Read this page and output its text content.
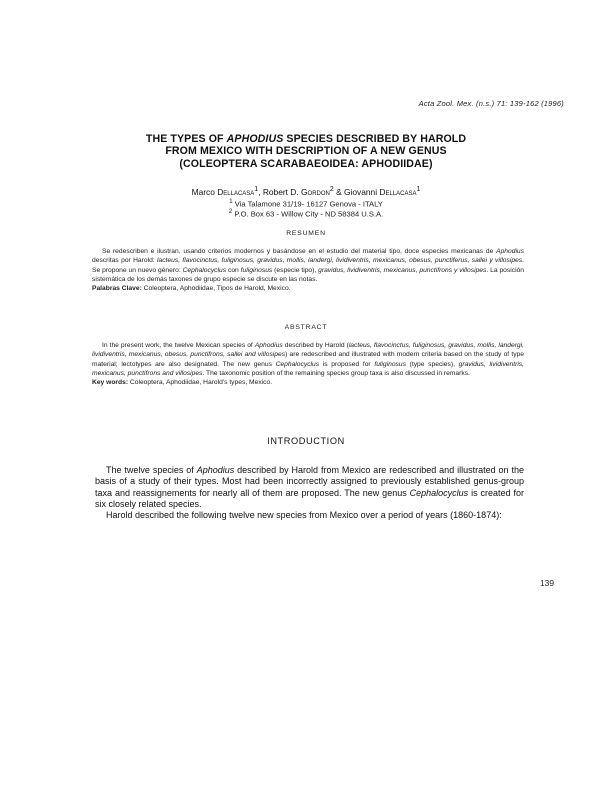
Acta Zool. Mex. (n.s.) 71: 139-162 (1996)
THE TYPES OF APHODIUS SPECIES DESCRIBED BY HAROLD
FROM MEXICO WITH DESCRIPTION OF A NEW GENUS
(COLEOPTERA SCARABAEOIDEA: APHODIIDAE)
Marco Dellacasa$^1$, Robert D. Gordon$^2$ & Giovanni Dellacasa$^1$
$^1$ Via Talamone 31/19- 16127 Genova - ITALY
$^2$ P.O. Box 63 - Willow City - ND 58384 U.S.A.
RESUMEN
Se redescriben e ilustran, usando criterios modernos y basándose en el estudio del material tipo, doce especies mexicanas de Aphodius descritas por Harold: lacteus, flavocinctus, fuliginosus, gravidus, mollis, landergi, lividiventris, mexicanus, obesus, punctiferus, sallei y villosipes. Se propone un nuevo género: Cephalocyclus con fuliginosus (especie tipo), gravidus, lividiventris, mexicanus, punctifrons y villosipes. La posición sistemática de los demás taxones de grupo especie se discute en las notas.
Palabras Clave: Coleoptera, Aphodiidae, Tipos de Harold, Mexico.
ABSTRACT
In the present work, the twelve Mexican species of Aphodius described by Harold (lacteus, flavocinctus, fuliginosus, gravidus, mollis, landergi, lividiventris, mexicanus, obesus, punctifrons, sallei and villosipes) are redescribed and illustrated with modern criteria based on the study of type material; lectotypes are also designated. The new genus Cephalocyclus is proposed for fuliginosus (type species), gravidus, lividiventris, mexicanus, punctifrons and villosipes. The taxonomic position of the remaining species group taxa is also discussed in remarks.
Key words: Coleoptera, Aphodiidae, Harold's types, Mexico.
INTRODUCTION

The twelve species of Aphodius described by Harold from Mexico are redescribed and illustrated on the basis of a study of their types. Most had been incorrectly assigned to previously established genus-group taxa and reassignements for nearly all of them are proposed. The new genus Cephalocyclus is created for six closely related species.

Harold described the following twelve new species from Mexico over a period of years (1860-1874):

139
